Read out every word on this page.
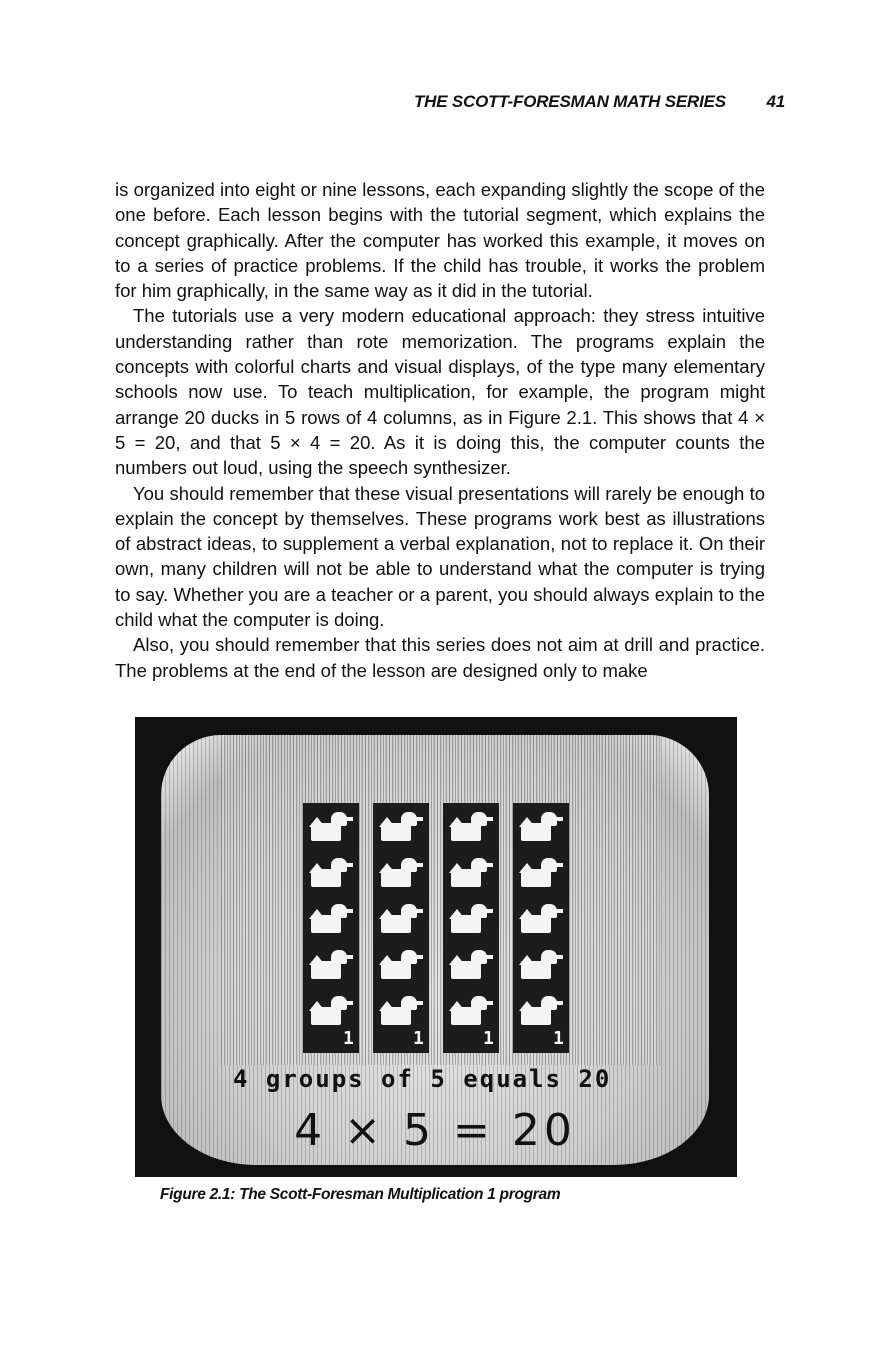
THE SCOTT-FORESMAN MATH SERIES 41

is organized into eight or nine lessons, each expanding slightly the scope of the one before. Each lesson begins with the tutorial segment, which explains the concept graphically. After the computer has worked this example, it moves on to a series of practice problems. If the child has trouble, it works the problem for him graphically, in the same way as it did in the tutorial.

The tutorials use a very modern educational approach: they stress intuitive understanding rather than rote memorization. The programs explain the concepts with colorful charts and visual displays, of the type many elementary schools now use. To teach multiplication, for example, the program might arrange 20 ducks in 5 rows of 4 columns, as in Figure 2.1. This shows that 4 × 5 = 20, and that 5 × 4 = 20. As it is doing this, the computer counts the numbers out loud, using the speech synthesizer.

You should remember that these visual presentations will rarely be enough to explain the concept by themselves. These programs work best as illustrations of abstract ideas, to supplement a verbal explanation, not to replace it. On their own, many children will not be able to understand what the computer is trying to say. Whether you are a teacher or a parent, you should always explain to the child what the computer is doing.

Also, you should remember that this series does not aim at drill and practice. The problems at the end of the lesson are designed only to make

1	1	1	1
4 groups of 5 equals 20
4 × 5 = 20
Figure 2.1: The Scott-Foresman Multiplication 1 program
